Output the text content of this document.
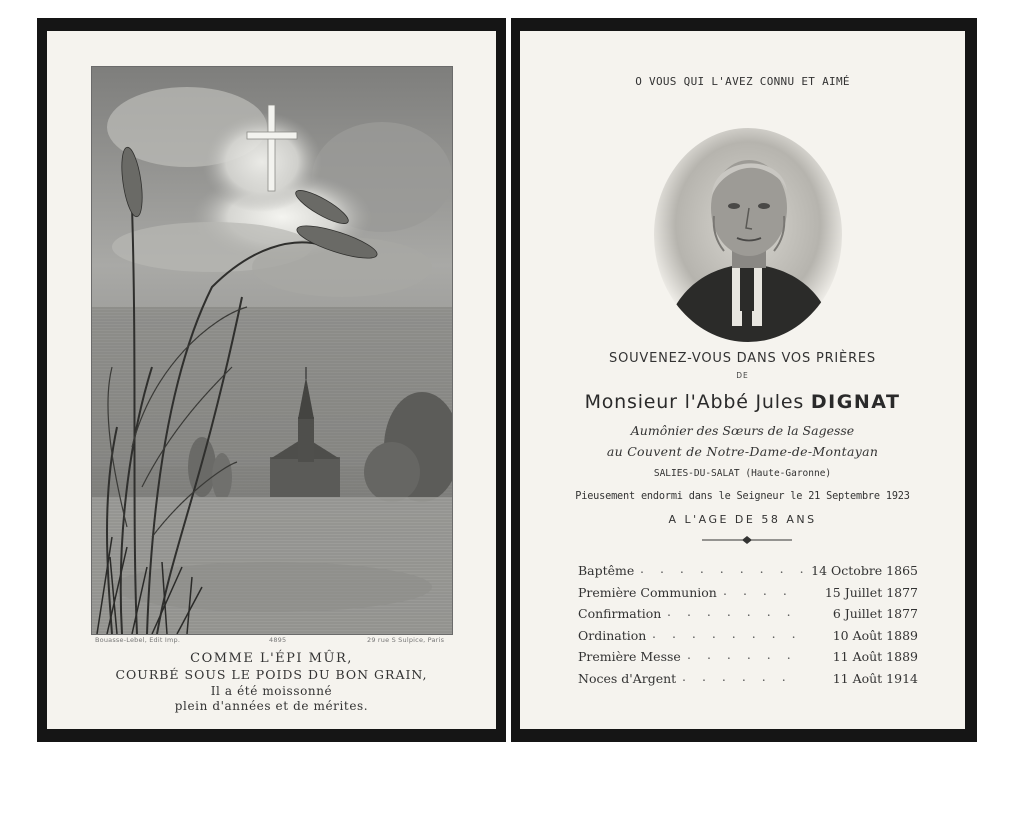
Bouasse-Lebel, Edit Imp.	4895	29 rue S Sulpice, Paris
COMME L'ÉPI MÛR,
COURBÉ SOUS LE POIDS DU BON GRAIN,
Il a été moissonné
plein d'années et de mérites.
O VOUS QUI L'AVEZ CONNU ET AIMÉ
SOUVENEZ-VOUS DANS VOS PRIÈRES
DE
Monsieur l'Abbé Jules DIGNAT
Aumônier des Sœurs de la Sagesse
au Couvent de Notre-Dame-de-Montayan
SALIES-DU-SALAT (Haute-Garonne)
Pieusement endormi dans le Seigneur le 21 Septembre 1923
A L'AGE DE 58 ANS
Baptême . . . . . . . . . 14 Octobre 1865
Première Communion . . . .	15 Juillet 1877
Confirmation . . . . . . .	6 Juillet 1877
Ordination . . . . . . . . 10 Août 1889
Première Messe . . . . . .	11 Août 1889
Noces d'Argent . . . . . .	11 Août 1914
